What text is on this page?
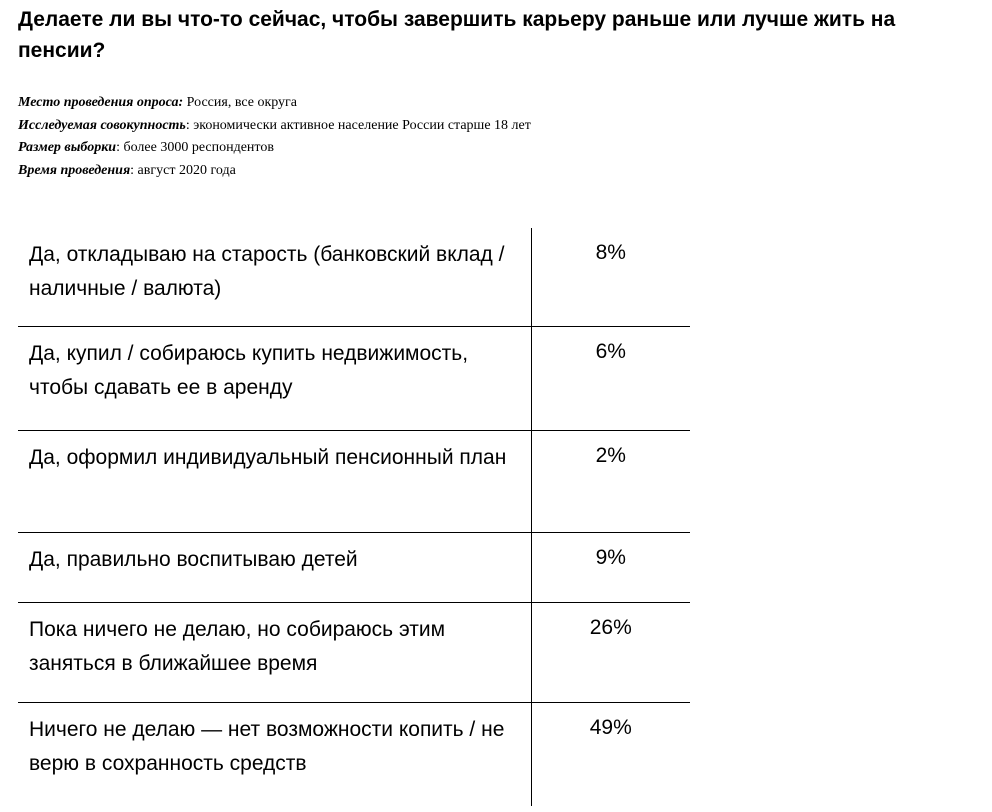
Делаете ли вы что-то сейчас, чтобы завершить карьеру раньше или лучше жить на пенсии?
Место проведения опроса: Россия, все округа
Исследуемая совокупность: экономически активное население России старше 18 лет
Размер выборки: более 3000 респондентов
Время проведения: август 2020 года
Да, откладываю на старость (банковский вклад / наличные / валюта)	8%
Да, купил / собираюсь купить недвижимость, чтобы сдавать ее в аренду	6%
Да, оформил индивидуальный пенсионный план	2%
Да, правильно воспитываю детей	9%
Пока ничего не делаю, но собираюсь этим заняться в ближайшее время	26%
Ничего не делаю — нет возможности копить / не верю в сохранность средств	49%
